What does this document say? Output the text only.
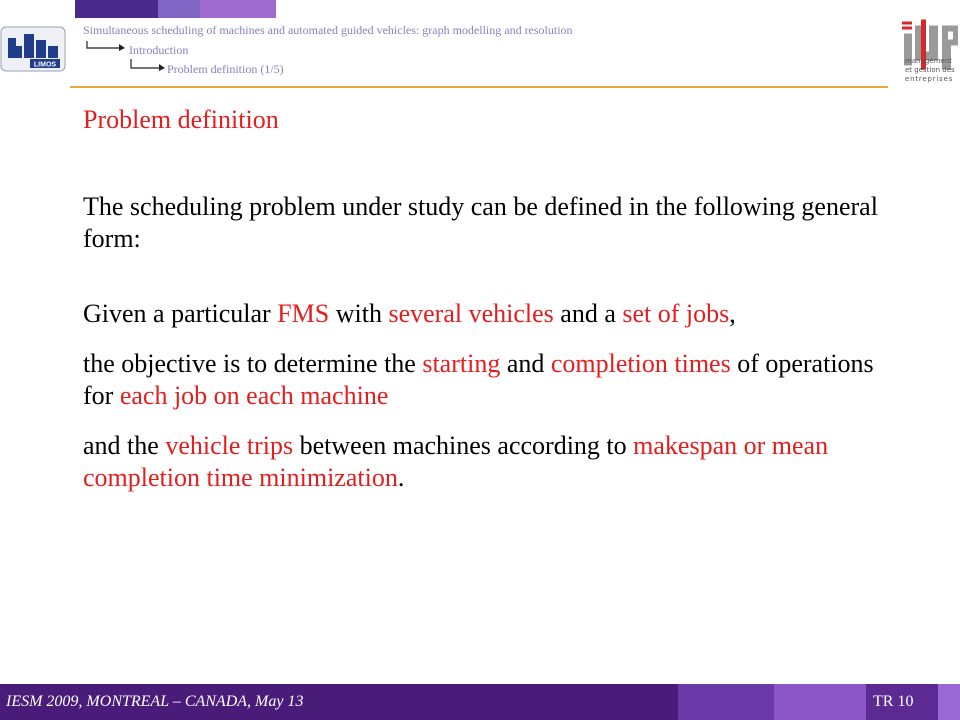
LIMOS
Simultaneous scheduling of machines and automated guided vehicles: graph modelling and resolution
Introduction
Problem definition (1/5)
management
et gestion des
entreprises

Problem definition

The scheduling problem under study can be defined in the following general form:

Given a particular FMS with several vehicles and a set of jobs,

the objective is to determine the starting and completion times of operations for each job on each machine

and the vehicle trips between machines according to makespan or mean completion time minimization.

IESM 2009, MONTREAL – CANADA, May 13	TR 10
